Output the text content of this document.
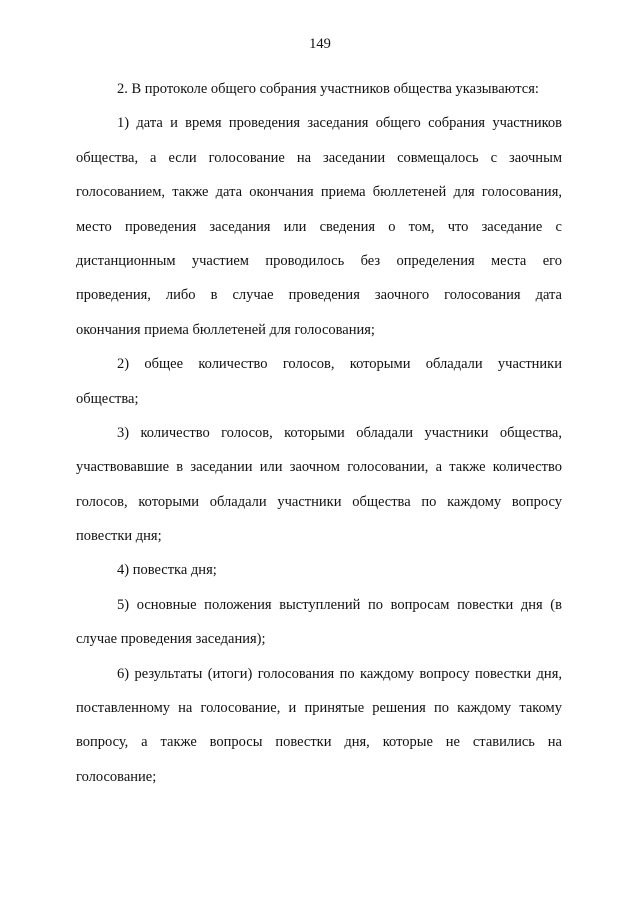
149
2. В протоколе общего собрания участников общества указываются:
1) дата и время проведения заседания общего собрания участников
общества, а если голосование на заседании совмещалось с заочным
голосованием, также дата окончания приема бюллетеней для голосования,
место проведения заседания или сведения о том, что заседание с
дистанционным участием проводилось без определения места его
проведения, либо в случае проведения заочного голосования дата
окончания приема бюллетеней для голосования;
2) общее количество голосов, которыми обладали участники
общества;
3) количество голосов, которыми обладали участники общества,
участвовавшие в заседании или заочном голосовании, а также количество
голосов, которыми обладали участники общества по каждому вопросу
повестки дня;
4) повестка дня;
5) основные положения выступлений по вопросам повестки дня (в
случае проведения заседания);
6) результаты (итоги) голосования по каждому вопросу повестки дня,
поставленному на голосование, и принятые решения по каждому такому
вопросу, а также вопросы повестки дня, которые не ставились на
голосование;
